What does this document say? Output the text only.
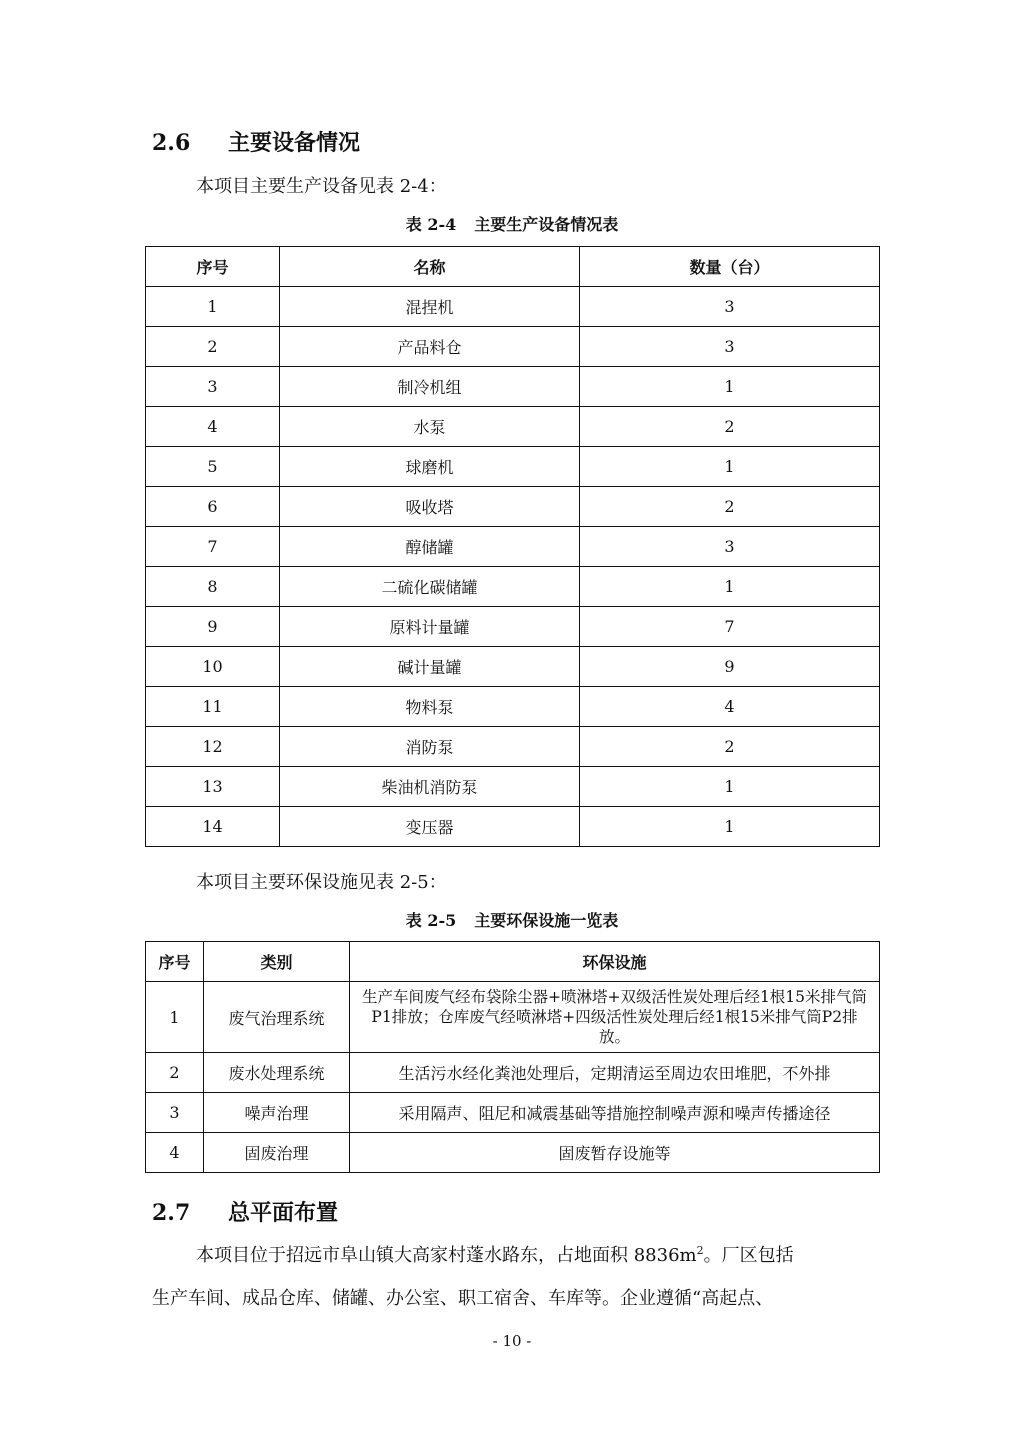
2.6	主要设备情况
本项目主要生产设备见表 2-4：
表 2-4 主要生产设备情况表
序号	名称	数量（台）
1	混捏机	3
2	产品料仓	3
3	制冷机组	1
4	水泵	2
5	球磨机	1
6	吸收塔	2
7	醇储罐	3
8	二硫化碳储罐	1
9	原料计量罐	7
10	碱计量罐	9
11	物料泵	4
12	消防泵	2
13	柴油机消防泵	1
14	变压器	1
本项目主要环保设施见表 2-5：
表 2-5 主要环保设施一览表
序号	类别	环保设施
1	废气治理系统	生产车间废气经布袋除尘器+喷淋塔+双级活性炭处理后经1根15米排气筒P1排放；仓库废气经喷淋塔+四级活性炭处理后经1根15米排气筒P2排放。
2	废水处理系统	生活污水经化粪池处理后，定期清运至周边农田堆肥，不外排
3	噪声治理	采用隔声、阻尼和减震基础等措施控制噪声源和噪声传播途径
4	固废治理	固废暂存设施等
2.7	总平面布置
本项目位于招远市阜山镇大高家村蓬水路东，占地面积 $8836m^2$。厂区包括
生产车间、成品仓库、储罐、办公室、职工宿舍、车库等。企业遵循“高起点、
- 10 -
